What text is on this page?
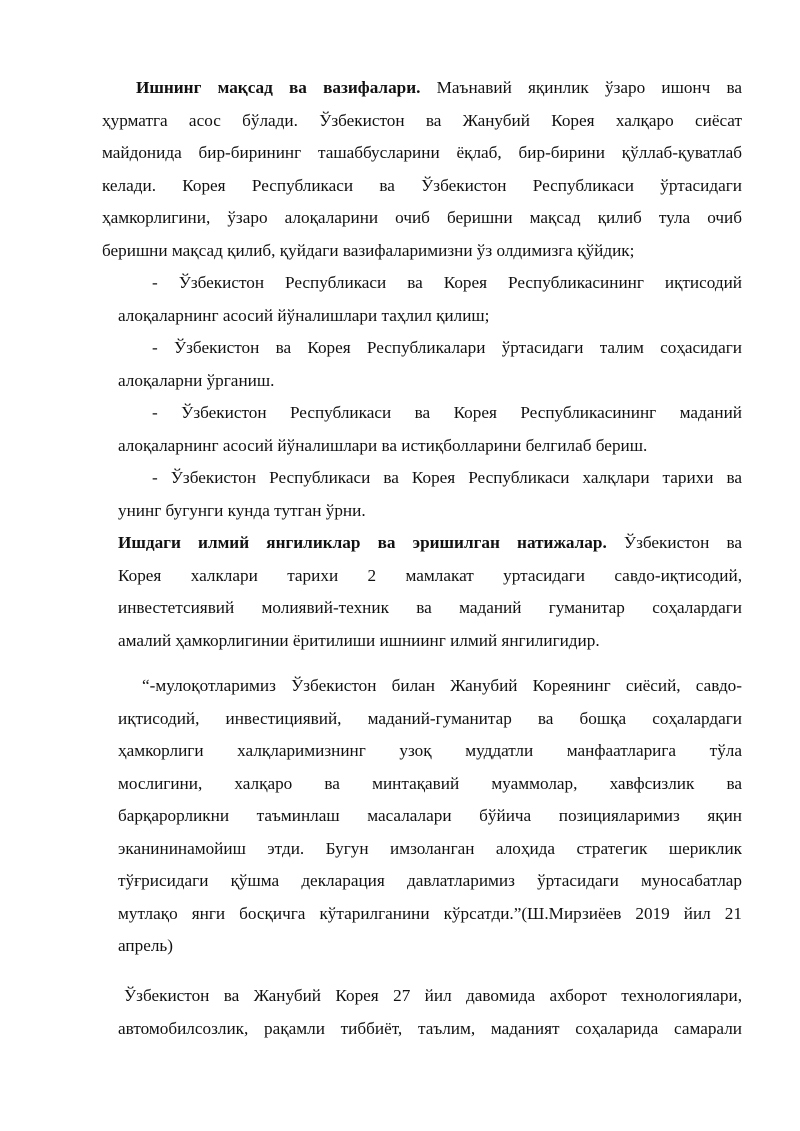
Ишнинг мақсад ва вазифалари. Маънавий яқинлик ўзаро ишонч ва
ҳурматга асос бўлади. Ўзбекистон ва Жанубий Корея халқаро сиёсат
майдонида бир-бирининг ташаббусларини ёқлаб, бир-бирини қўллаб-қуватлаб
келади. Корея Республикаси ва Ўзбекистон Республикаси ўртасидаги
ҳамкорлигини, ўзаро алоқаларини очиб беришни мақсад қилиб тула очиб
беришни мақсад қилиб, қуйдаги вазифаларимизни ўз олдимизга қўйдик;
- Ўзбекистон Республикаси ва Корея Республикасининг иқтисодий
алоқаларнинг асосий йўналишлари таҳлил қилиш;
- Ўзбекистон ва Корея Республикалари ўртасидаги талим соҳасидаги
алоқаларни ўрганиш.
- Ўзбекистон Республикаси ва Корея Республикасининг маданий
алоқаларнинг асосий йўналишлари ва истиқболларини белгилаб бериш.
- Ўзбекистон Республикаси ва Корея Республикаси халқлари тарихи ва
унинг бугунги кунда тутган ўрни.
Ишдаги илмий янгиликлар ва эришилган натижалар. Ўзбекистон ва
Корея халклари тарихи 2 мамлакат уртасидаги савдо-иқтисодий,
инвестетсиявий молиявий-техник ва маданий гуманитар соҳалардаги
амалий ҳамкорлигинии ёритилиши ишниинг илмий янгилигидир.
“-мулоқотларимиз Ўзбекистон билан Жанубий Кореянинг сиёсий, савдо-
иқтисодий, инвестициявий, маданий-гуманитар ва бошқа соҳалардаги
ҳамкорлиги халқларимизнинг узоқ муддатли манфаатларига тўла
мослигини, халқаро ва минтақавий муаммолар, хавфсизлик ва
барқарорликни таъминлаш масалалари бўйича позицияларимиз яқин
эканининамойиш этди. Бугун имзоланган алоҳида стратегик шериклик
тўғрисидаги қўшма декларация давлатларимиз ўртасидаги муносабатлар
мутлақо янги босқичга кўтарилганини кўрсатди.”(Ш.Мирзиёев 2019 йил 21
апрель)
Ўзбекистон ва Жанубий Корея 27 йил давомида ахборот технологиялари,
автомобилсозлик, рақамли тиббиёт, таълим, маданият соҳаларида самарали
